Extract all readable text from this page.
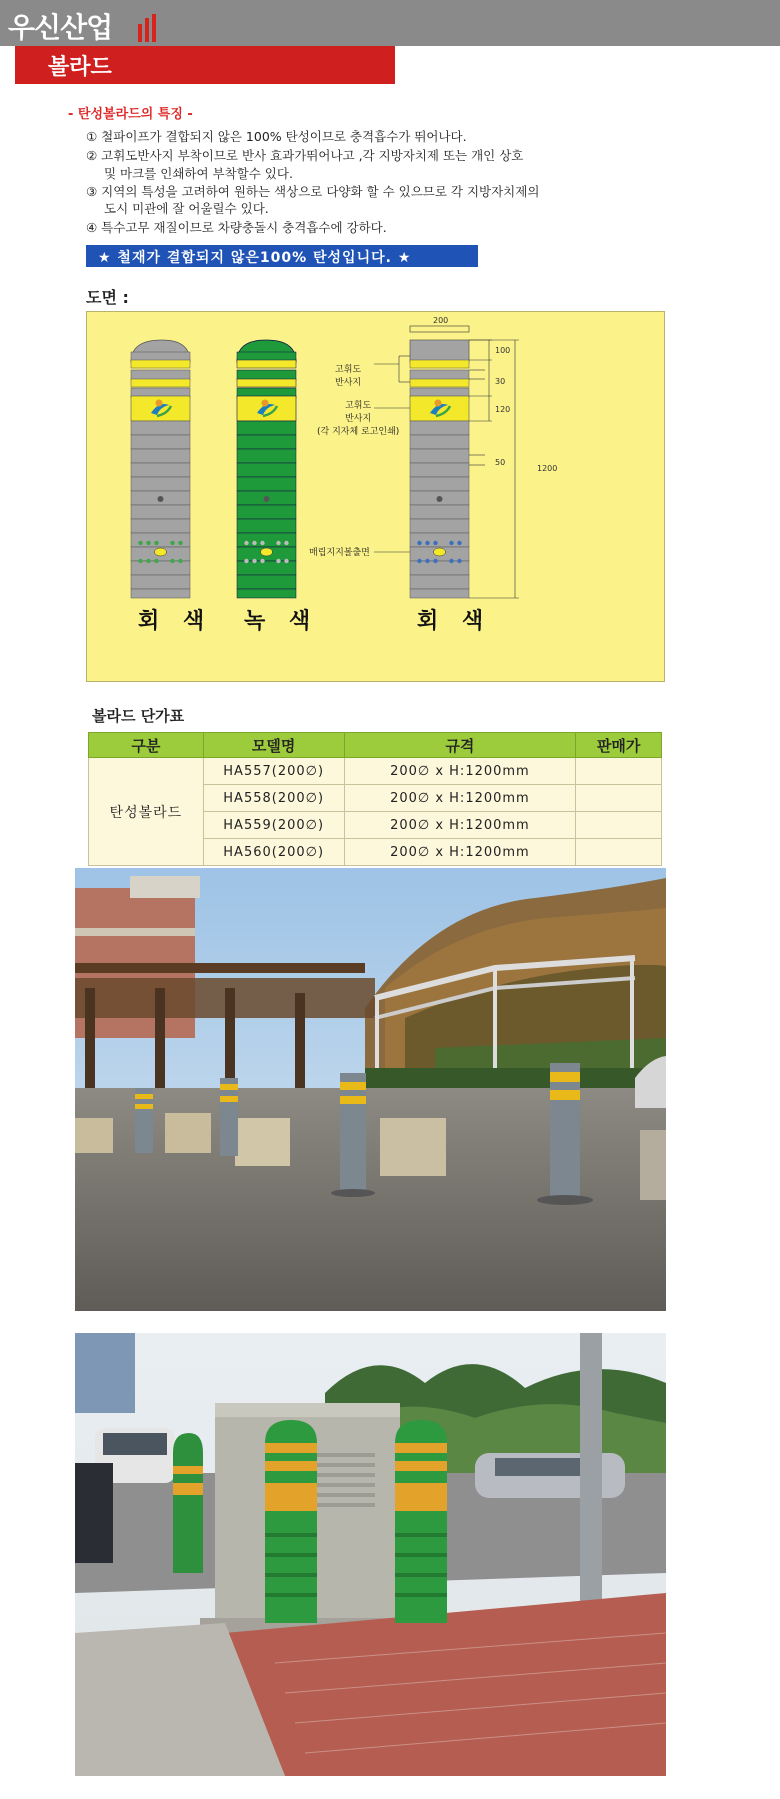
우신산업
볼라드
- 탄성볼라드의 특징 -
① 철파이프가 결합되지 않은 100% 탄성이므로 충격흡수가 뛰어나다.
② 고휘도반사지 부착이므로 반사 효과가뛰어나고 ,각 지방자치제 또는 개인 상호
및 마크를 인쇄하여 부착할수 있다.
③ 지역의 특성을 고려하여 원하는 색상으로 다양화 할 수 있으므로 각 지방자치제의
도시 미관에 잘 어울릴수 있다.
④ 특수고무 재질이므로 차량충돌시 충격흡수에 강하다.
★ 철재가 결합되지 않은100% 탄성입니다. ★
도면 :
200
100
30
120
50
1200
고휘도
반사지
고휘도
반사지
(각 지자체 로고인쇄)
매립지지볼출면
회 색 녹 색	회 색
볼라드 단가표
구분	모델명	규격	판매가
탄성볼라드	HA557(200∅)	200∅ x H:1200mm	
	HA558(200∅)	200∅ x H:1200mm	
	HA559(200∅)	200∅ x H:1200mm	
	HA560(200∅)	200∅ x H:1200mm	
